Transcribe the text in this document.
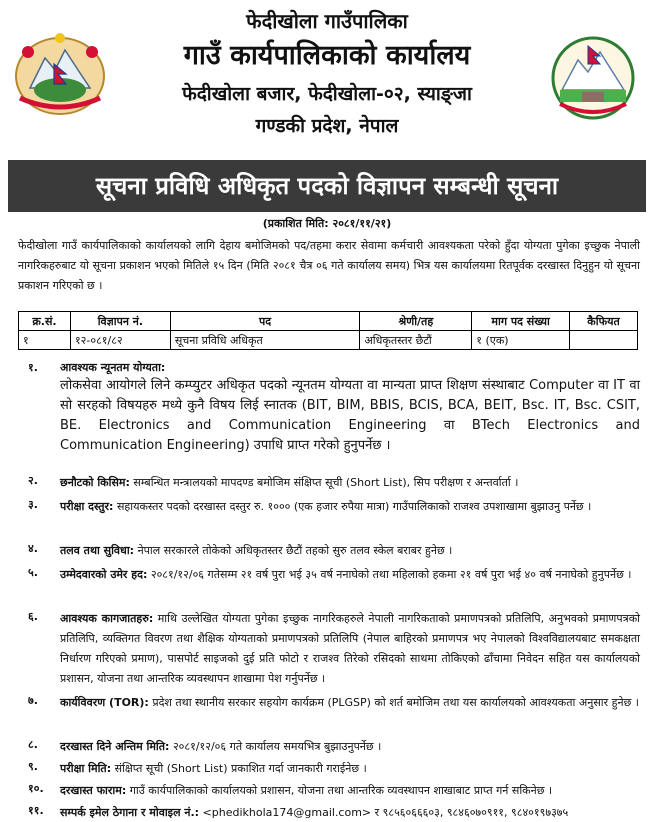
फेदीखोला गाउँपालिका
गाउँ कार्यपालिकाको कार्यालय
फेदीखोला बजार, फेदीखोला-०२, स्याङ्जा
गण्डकी प्रदेश, नेपाल
सूचना प्रविधि अधिकृत पदको विज्ञापन सम्बन्धी सूचना
(प्रकाशित मिति: २०८१/११/२१)
फेदीखोला गाउँ कार्यपालिकाको कार्यालयको लागि देहाय बमोजिमको पद/तहमा करार सेवामा कर्मचारी आवश्यकता परेको हुँदा योग्यता पुगेका इच्छुक नेपाली नागरिकहरुबाट यो सूचना प्रकाशन भएको मितिले १५ दिन (मिति २०८१ चैत्र ०६ गते कार्यालय समय) भित्र यस कार्यालयमा रितपूर्वक दरखास्त दिनुहुन यो सूचना प्रकाशन गरिएको छ ।
क्र.सं.	विज्ञापन नं.	पद	श्रेणी/तह	माग पद संख्या	कैफियत
१	१२-०८१/८२	सूचना प्रविधि अधिकृत	अधिकृतस्तर छैटौं	१ (एक)	
१. आवश्यक न्यूनतम योग्यता:
लोकसेवा आयोगले लिने कम्प्युटर अधिकृत पदको न्यूनतम योग्यता वा मान्यता प्राप्त शिक्षण संस्थाबाट Computer वा IT वा सो सरहको विषयहरु मध्ये कुनै विषय लिई स्नातक (BIT, BIM, BBIS, BCIS, BCA, BEIT, Bsc. IT, Bsc. CSIT, BE. Electronics and Communication Engineering वा BTech Electronics and Communication Engineering) उपाधि प्राप्त गरेको हुनुपर्नेछ ।
२. छनौटको किसिम: सम्बन्धित मन्त्रालयको मापदण्ड बमोजिम संक्षिप्त सूची (Short List), सिप परीक्षण र अन्तर्वार्ता ।
३. परीक्षा दस्तुर: सहायकस्तर पदको दरखास्त दस्तुर रु. १००० (एक हजार रुपैया मात्रा) गाउँपालिकाको राजश्व उपशाखामा बुझाउनु पर्नेछ ।
४. तलव तथा सुविधा: नेपाल सरकारले तोकेको अधिकृतस्तर छैटौं तहको सुरु तलव स्केल बराबर हुनेछ ।
५. उम्मेदवारको उमेर हद: २०८१/१२/०६ गतेसम्म २१ वर्ष पुरा भई ३५ वर्ष ननाघेको तथा महिलाको हकमा २१ वर्ष पुरा भई ४० वर्ष ननाघेको हुनुपर्नेछ ।
६. आवश्यक कागजातहरु: माथि उल्लेखित योग्यता पुगेका इच्छुक नागरिकहरुले नेपाली नागरिकताको प्रमाणपत्रको प्रतिलिपि, अनुभवको प्रमाणपत्रको प्रतिलिपि, व्यक्तिगत विवरण तथा शैक्षिक योग्यताको प्रमाणपत्रको प्रतिलिपि (नेपाल बाहिरको प्रमाणपत्र भए नेपालको विश्वविद्यालयबाट समकक्षता निर्धारण गरिएको प्रमाण), पासपोर्ट साइजको दुई प्रति फोटो र राजश्व तिरेको रसिदको साथमा तोकिएको ढाँचामा निवेदन सहित यस कार्यालयको प्रशासन, योजना तथा आन्तरिक व्यवस्थापन शाखामा पेश गर्नुपर्नेछ ।
७. कार्यविवरण (TOR): प्रदेश तथा स्थानीय सरकार सहयोग कार्यक्रम (PLGSP) को शर्त बमोजिम तथा यस कार्यालयको आवश्यकता अनुसार हुनेछ ।
८. दरखास्त दिने अन्तिम मिति: २०८१/१२/०६ गते कार्यालय समयभित्र बुझाउनुपर्नेछ ।
९. परीक्षा मिति: संक्षिप्त सूची (Short List) प्रकाशित गर्दा जानकारी गराईनेछ ।
१०. दरखास्त फाराम: गाउँ कार्यपालिकाको कार्यालयको प्रशासन, योजना तथा आन्तरिक व्यवस्थापन शाखाबाट प्राप्त गर्न सकिनेछ ।
११. सम्पर्क इमेल ठेगाना र मोवाइल नं.: <phedikhola174@gmail.com> र ९८५६०६६६०३, ९८४६०७०९११, ९८४०१९७३७५
